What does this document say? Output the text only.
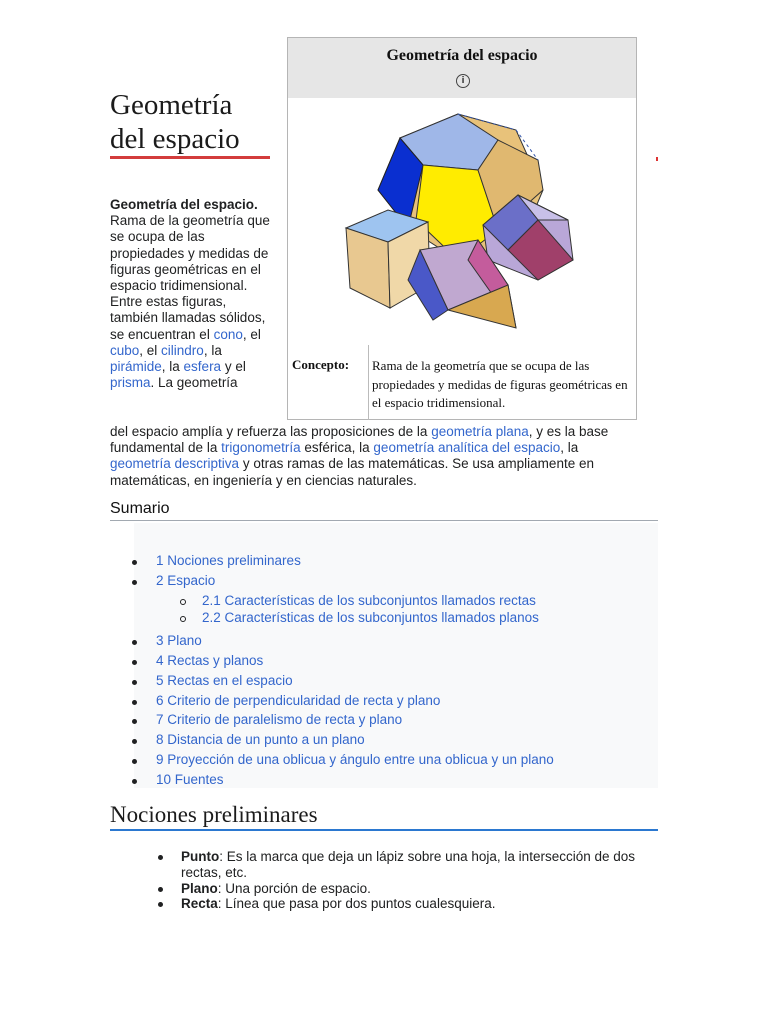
Geometría del espacio
Geometría del espacio
i
Concepto: Rama de la geometría que se ocupa de las propiedades y medidas de figuras geométricas en el espacio tridimensional.

Geometría del espacio. Rama de la geometría que se ocupa de las propiedades y medidas de figuras geométricas en el espacio tridimensional. Entre estas figuras, también llamadas sólidos, se encuentran el cono, el
cubo, el cilindro, la
pirámide, la esfera y el
prisma. La geometría

del espacio amplía y refuerza las proposiciones de la geometría plana, y es la base fundamental de la trigonometría esférica, la geometría analítica del espacio, la
geometría descriptiva y otras ramas de las matemáticas. Se usa ampliamente en matemáticas, en ingeniería y en ciencias naturales.

Sumario
1 Nociones preliminares
2 Espacio
2.1 Características de los subconjuntos llamados rectas
2.2 Características de los subconjuntos llamados planos
3 Plano
4 Rectas y planos
5 Rectas en el espacio
6 Criterio de perpendicularidad de recta y plano
7 Criterio de paralelismo de recta y plano
8 Distancia de un punto a un plano
9 Proyección de una oblicua y ángulo entre una oblicua y un plano
10 Fuentes
Nociones preliminares
Punto: Es la marca que deja un lápiz sobre una hoja, la intersección de dos rectas, etc.
Plano: Una porción de espacio.
Recta: Línea que pasa por dos puntos cualesquiera.
